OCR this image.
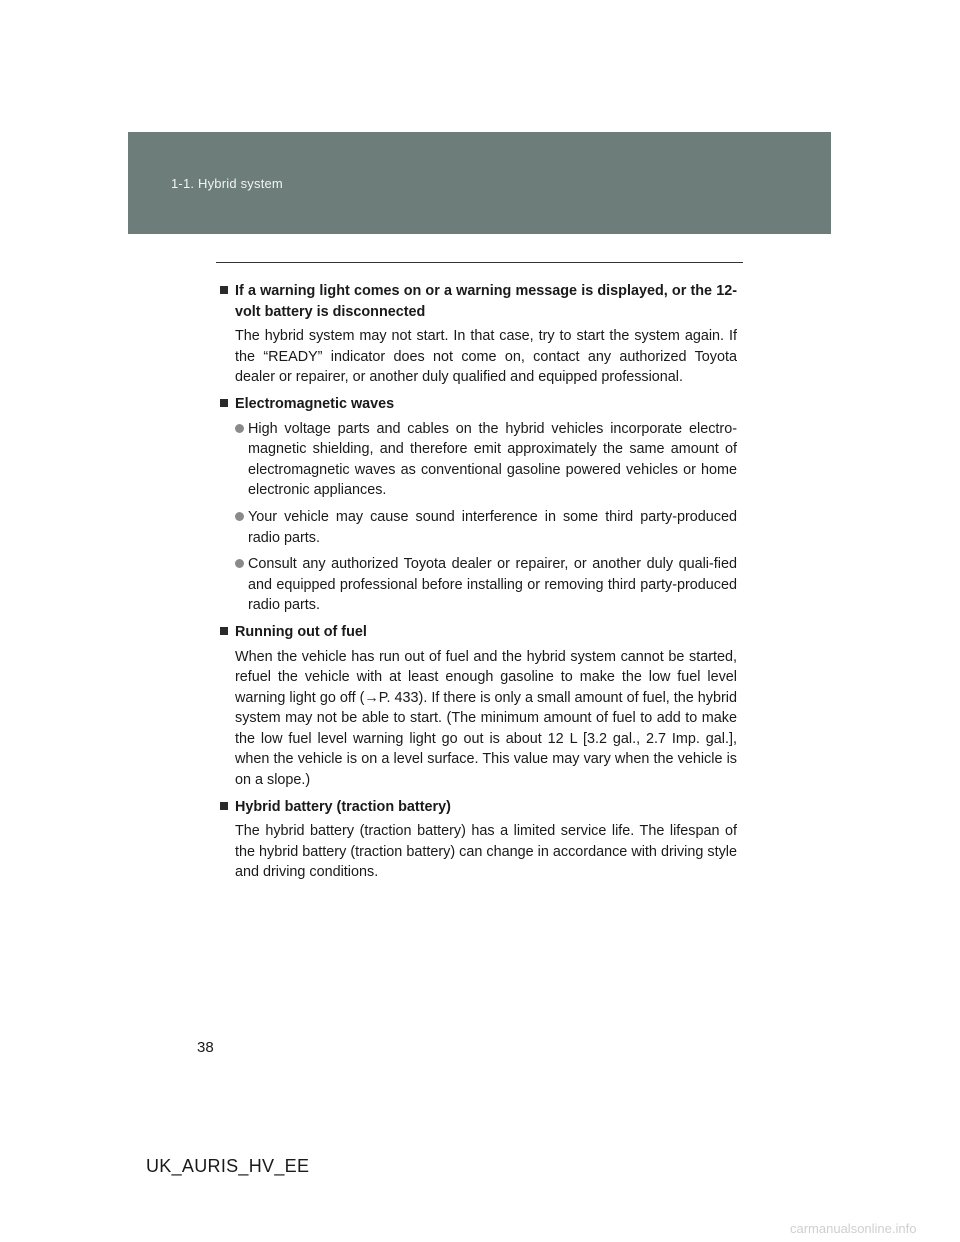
1-1. Hybrid system
If a warning light comes on or a warning message is displayed, or the 12-volt battery is disconnected

The hybrid system may not start. In that case, try to start the system again. If the “READY” indicator does not come on, contact any authorized Toyota dealer or repairer, or another duly qualified and equipped professional.

Electromagnetic waves
High voltage parts and cables on the hybrid vehicles incorporate electro-magnetic shielding, and therefore emit approximately the same amount of electromagnetic waves as conventional gasoline powered vehicles or home electronic appliances.
Your vehicle may cause sound interference in some third party-produced radio parts.
Consult any authorized Toyota dealer or repairer, or another duly quali-fied and equipped professional before installing or removing third party-produced radio parts.
Running out of fuel

When the vehicle has run out of fuel and the hybrid system cannot be started, refuel the vehicle with at least enough gasoline to make the low fuel level warning light go off (→P. 433). If there is only a small amount of fuel, the hybrid system may not be able to start. (The minimum amount of fuel to add to make the low fuel level warning light go out is about 12 L [3.2 gal., 2.7 Imp. gal.], when the vehicle is on a level surface. This value may vary when the vehicle is on a slope.)

Hybrid battery (traction battery)

The hybrid battery (traction battery) has a limited service life. The lifespan of the hybrid battery (traction battery) can change in accordance with driving style and driving conditions.

38
UK_AURIS_HV_EE
carmanualsonline.info
